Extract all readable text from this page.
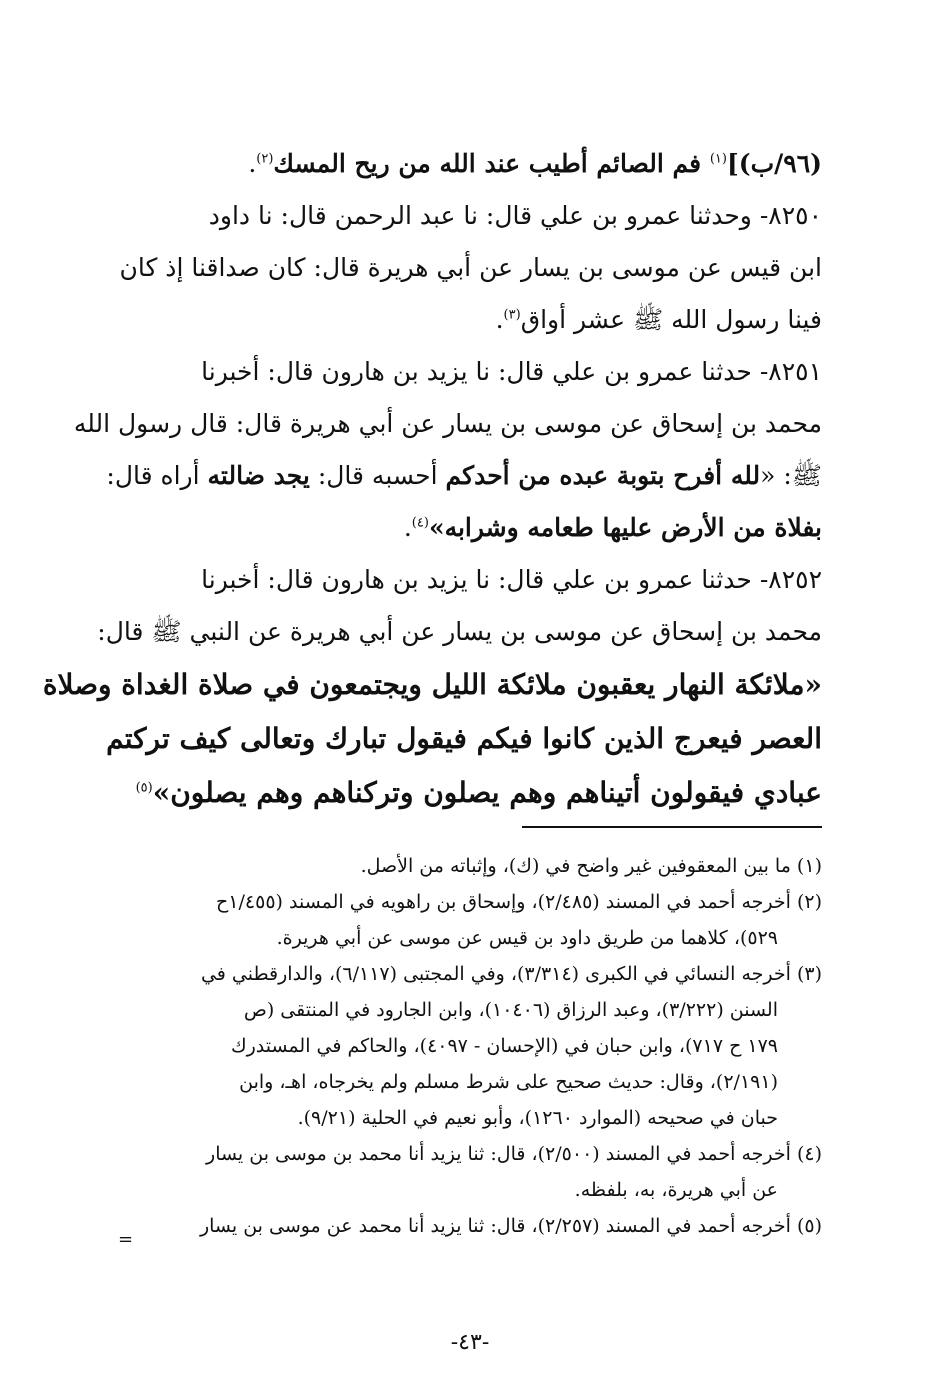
(٩٦/ب)]$^{(١)}$ فم الصائم أطيب عند الله من ريح المسك$^{(٢)}$.
٨٢٥٠- وحدثنا عمرو بن علي قال: نا عبد الرحمن قال: نا داود
ابن قيس عن موسى بن يسار عن أبي هريرة قال: كان صداقنا إذ كان
فينا رسول الله ﷺ عشر أواق$^{(٣)}$.
٨٢٥١- حدثنا عمرو بن علي قال: نا يزيد بن هارون قال: أخبرنا
محمد بن إسحاق عن موسى بن يسار عن أبي هريرة قال: قال رسول الله
ﷺ: «لله أفرح بتوبة عبده من أحدكم أحسبه قال: يجد ضالته أراه قال:
بفلاة من الأرض عليها طعامه وشرابه»$^{(٤)}$.
٨٢٥٢- حدثنا عمرو بن علي قال: نا يزيد بن هارون قال: أخبرنا
محمد بن إسحاق عن موسى بن يسار عن أبي هريرة عن النبي ﷺ قال:
«ملائكة النهار يعقبون ملائكة الليل ويجتمعون في صلاة الغداة وصلاة
العصر فيعرج الذين كانوا فيكم فيقول تبارك وتعالى كيف تركتم
عبادي فيقولون أتيناهم وهم يصلون وتركناهم وهم يصلون»$^{(٥)}$
(١) ما بين المعقوفين غير واضح في (ك)، وإثباته من الأصل.
(٢) أخرجه أحمد في المسند (٢/٤٨٥)، وإسحاق بن راهويه في المسند (١/٤٥٥ح
٥٢٩)، كلاهما من طريق داود بن قيس عن موسى عن أبي هريرة.
(٣) أخرجه النسائي في الكبرى (٣/٣١٤)، وفي المجتبى (٦/١١٧)، والدارقطني في
السنن (٣/٢٢٢)، وعبد الرزاق (١٠٤٠٦)، وابن الجارود في المنتقى (ص
١٧٩ ح ٧١٧)، وابن حبان في (الإحسان - ٤٠٩٧)، والحاكم في المستدرك
(٢/١٩١)، وقال: حديث صحيح على شرط مسلم ولم يخرجاه، اهـ، وابن
حبان في صحيحه (الموارد ١٢٦٠)، وأبو نعيم في الحلية (٩/٢١).
(٤) أخرجه أحمد في المسند (٢/٥٠٠)، قال: ثنا يزيد أنا محمد بن موسى بن يسار
عن أبي هريرة، به، بلفظه.
(٥) أخرجه أحمد في المسند (٢/٢٥٧)، قال: ثنا يزيد أنا محمد عن موسى بن يسار
=
-٤٣-
